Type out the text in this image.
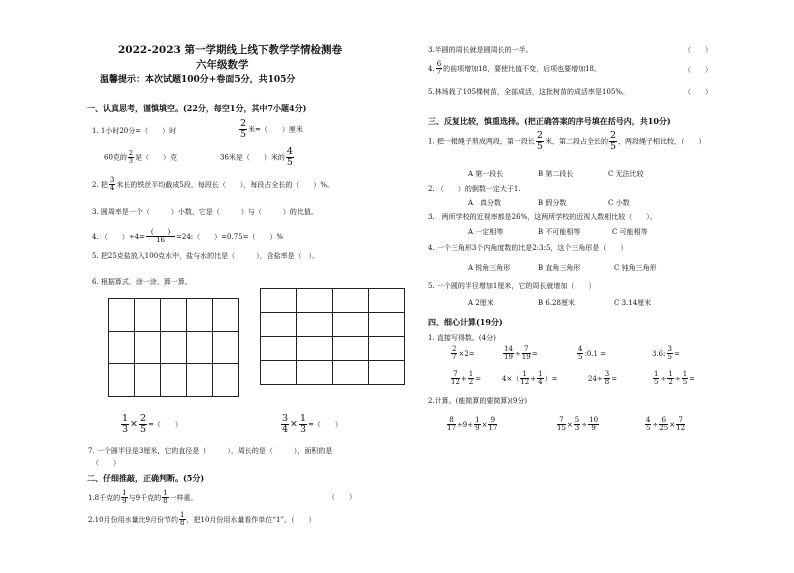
2022-2023 第一学期线上线下教学学情检测卷
六年级数学
温馨提示：本次试题100分+卷面5分，共105分
一、认真思考，谨慎填空。(22分，每空1分，其中7小题4分)
1. 1小时20分=（　　）时	$\frac{2}{5}$ 米=（　　）厘米
60克的 $\frac{2}{3}$ 是（　　）克	36米是（　　）米的 $\frac{4}{5}$
2. 把 $\frac{3}{4}$ 米长的铁丝平均截成5段，每段长（　　），每段占全长的（　　）%。
3. 圆周率是一个（　　　）小数，它是（　　　）与（　　　）的比值。
4. （　　）$\div 4= \frac{( )}{16}$ =24:（　　）=0.75=（　　）%
5. 把25克盐放入100克水中，盐与水的比是（　　　），含盐率是（　）。
6. 根据算式，涂一涂，算一算。

$\frac{1}{3} \times \frac{2}{5}$ =（　　）	$\frac{3}{4} \times \frac{1}{3}$ =（　　）
7. 一个圆半径是3厘米，它的直径是（　　　），周长的是（　　　），面积的是
（　　）
二、仔细推敲，正确判断。(5分)
1.8千克的 $\frac{1}{9}$ 与9千克的 $\frac{1}{8}$ 一样重。	（　　）
2.10月份用水量比9月份节约 $\frac{1}{8}$ ，把10月份用水量看作单位“1”。（　　）
3.半圆的周长就是圆周长的一半。	（　　）
4. $\frac{6}{7}$ 的前项增加18，要使比值不变，后项也要增加18。	（　　）
5.林场栽了105棵树苗，全部成活，这批树苗的成活率是105%。	（　　）
三、反复比较，慎重选择。(把正确答案的序号填在括号内，共10分)
1. 把一根绳子剪成两段，第一段长 $\frac{2}{5}$ 米，第二段占全长的 $\frac{2}{5}$ ，两段绳子相比较，（　　）
A 第一段长	B 第二段长	C 无法比较
2. （　　）的倒数一定大于1.
A　真分数	B 假分数	C 小数
3.　两所学校的近视率都是26%，这两所学校的近视人数相比较（　　）。
A 一定相等	B 不可能相等	C 可能相等
4. 一个三角形3个内角度数的比是2:3:5，这个三角形是（　　）
A 锐角三角形	B 直角三角形	C 钝角三角形
5. 一个圆的半径增加1厘米，它的周长就增加（　　）
A 2厘米	B 6.28厘米	C 3.14厘米
四、细心计算(19分)
1. 直接写得数。(4分)
$\frac{2}{7} \times 2=$	$\frac{14}{19} \div \frac{7}{19}$ =	$\frac{4}{5}$ :0.1 =	3.6: $\frac{3}{5}$ =
$\frac{7}{12} + \frac{1}{2}$ =	$4\times( \frac{1}{12} + \frac{1}{4}$ ）=	$24\div \frac{3}{8}$ =	$\frac{1}{5} \div \frac{1}{2} \div \frac{1}{5}$ =
2.计算。(能简算的要简算)(9分)
$\frac{8}{17} \div 9+ \frac{1}{9} \times \frac{9}{17}$	$\frac{7}{15} \times \frac{5}{3} \div \frac{10}{9}$	$\frac{4}{5} \div \frac{6}{25} \times \frac{7}{12}$
